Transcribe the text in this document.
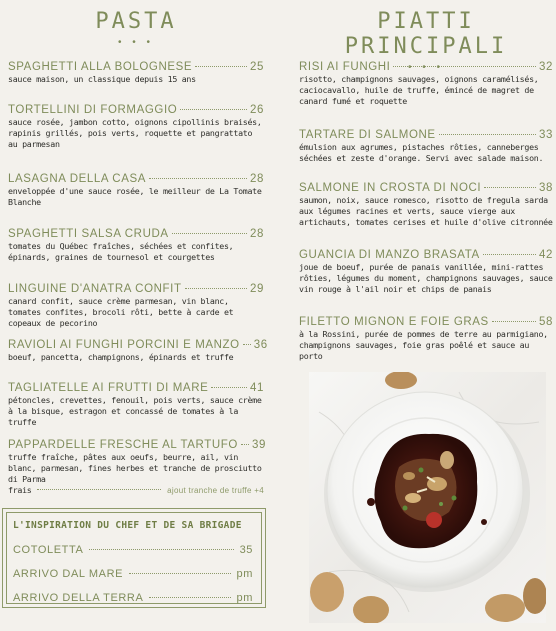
PASTA
• • •
SPAGHETTI ALLA BOLOGNESE	25
sauce maison, un classique depuis 15 ans
TORTELLINI DI FORMAGGIO	26
sauce rosée, jambon cotto, oignons cipollinis braisés, rapinis grillés, pois verts, roquette et pangrattato au parmesan
LASAGNA DELLA CASA	28
enveloppée d'une sauce rosée, le meilleur de La Tomate Blanche
SPAGHETTI SALSA CRUDA	28
tomates du Québec fraîches, séchées et confites, épinards, graines de tournesol et courgettes
LINGUINE D'ANATRA CONFIT	29
canard confit, sauce crème parmesan, vin blanc, tomates confites, brocoli rôti, bette à carde et copeaux de pecorino
RAVIOLI AI FUNGHI PORCINI E MANZO 36
boeuf, pancetta, champignons, épinards et truffe
TAGLIATELLE AI FRUTTI DI MARE	41
pétoncles, crevettes, fenouil, pois verts, sauce crème à la bisque, estragon et concassé de tomates à la truffe
PAPPARDELLE FRESCHE AL TARTUFO 39
truffe fraîche, pâtes aux oeufs, beurre, ail, vin blanc, parmesan, fines herbes et tranche de prosciutto di Parma
frais	ajout tranche de truffe +4
L'INSPIRATION DU CHEF ET DE SA BRIGADE
COTOLETTA	35
ARRIVO DAL MARE	pm
ARRIVO DELLA TERRA	pm
PIATTI PRINCIPALI
• • •
RISI AI FUNGHI	32
risotto, champignons sauvages, oignons caramélisés, caciocavallo, huile de truffe, émincé de magret de canard fumé et roquette
TARTARE DI SALMONE	33
émulsion aux agrumes, pistaches rôties, canneberges séchées et zeste d'orange. Servi avec salade maison.
SALMONE IN CROSTA DI NOCI	38
saumon, noix, sauce romesco, risotto de fregula sarda aux légumes racines et verts, sauce vierge aux artichauts, tomates cerises et huile d'olive citronnée
GUANCIA DI MANZO BRASATA	42
joue de boeuf, purée de panais vanillée, mini-rattes rôties, légumes du moment, champignons sauvages, sauce vin rouge à l'ail noir et chips de panais
FILETTO MIGNON E FOIE GRAS	58
à la Rossini, purée de pommes de terre au parmigiano, champignons sauvages, foie gras poêlé et sauce au porto
